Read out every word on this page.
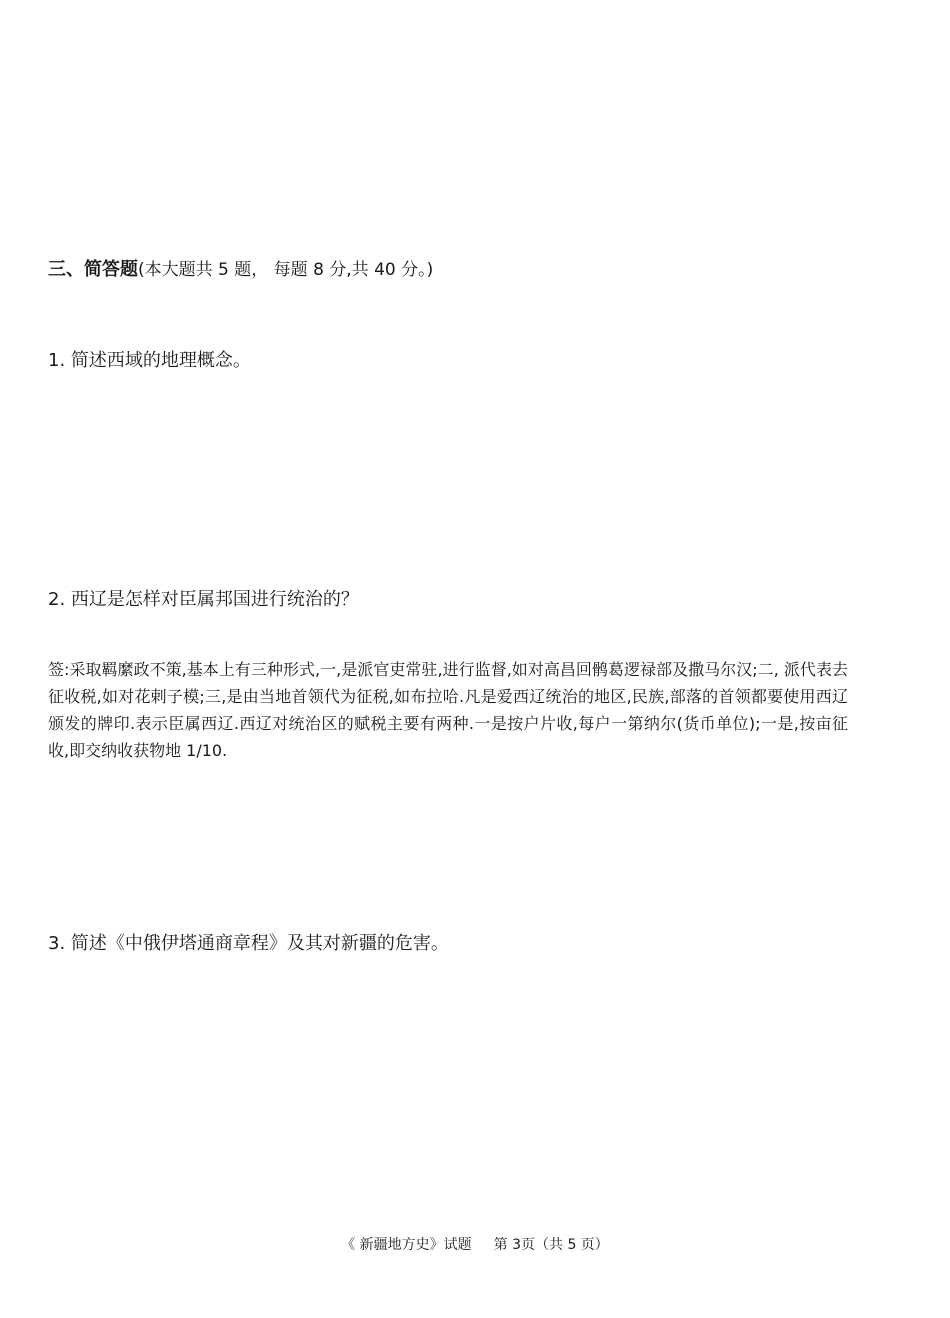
三、简答题(本大题共 5 题， 每题 8 分,共 40 分。)
1. 简述西域的地理概念。
2. 西辽是怎样对臣属邦国进行统治的？
签:采取羁縻政不策,基本上有三种形式,一,是派官吏常驻,进行监督,如对高昌回鹘葛逻禄部及撒马尔汉;二, 派代表去征收税,如对花剌子模;三,是由当地首领代为征税,如布拉哈.凡是爱西辽统治的地区,民族,部落的首领都要使用西辽颁发的牌印.表示臣属西辽.西辽对统治区的赋税主要有两种.一是按户片收,每户一第纳尔(货币单位);一是,按亩征收,即交纳收获物地 1/10.
3. 简述《中俄伊塔通商章程》及其对新疆的危害。
《 新疆地方史》试题 第 3页（共 5 页）
